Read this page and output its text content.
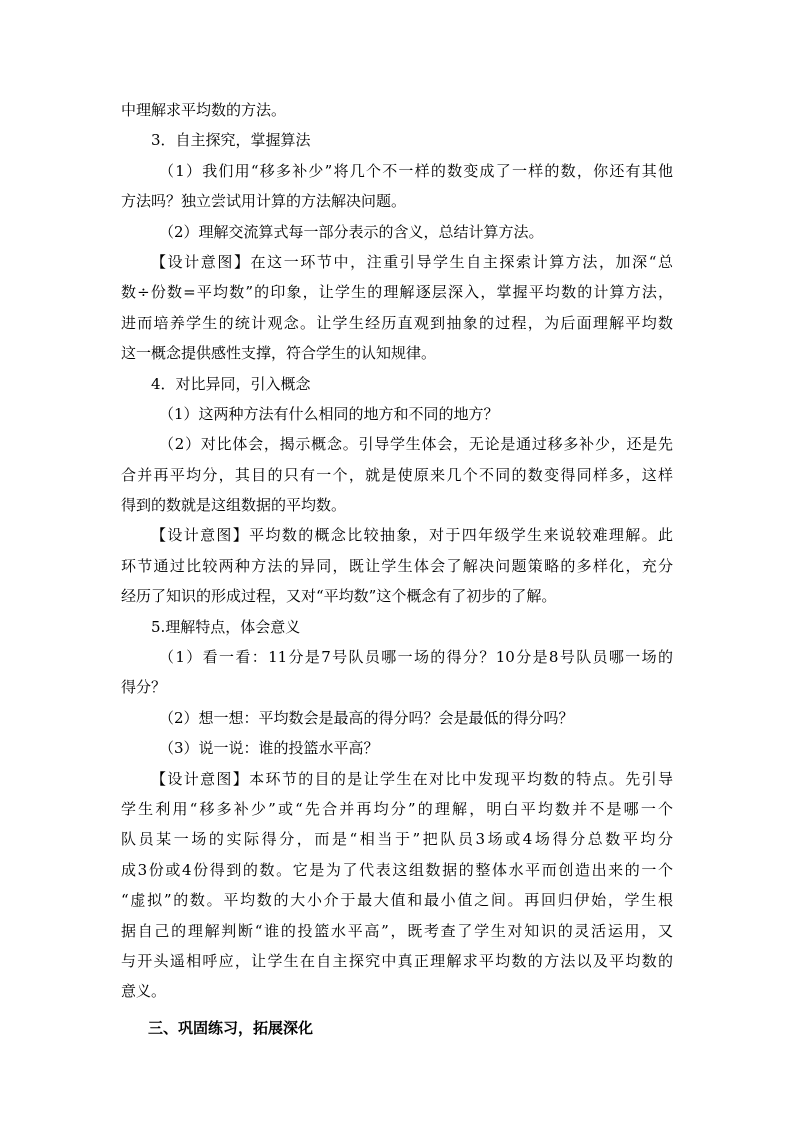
中理解求平均数的方法。
3．自主探究，掌握算法
（1）我们用“移多补少”将几个不一样的数变成了一样的数，你还有其他
方法吗？独立尝试用计算的方法解决问题。
（2）理解交流算式每一部分表示的含义，总结计算方法。
【设计意图】在这一环节中，注重引导学生自主探索计算方法，加深“总
数÷份数=平均数”的印象，让学生的理解逐层深入，掌握平均数的计算方法，
进而培养学生的统计观念。让学生经历直观到抽象的过程，为后面理解平均数
这一概念提供感性支撑，符合学生的认知规律。
4．对比异同，引入概念
（1）这两种方法有什么相同的地方和不同的地方？
（2）对比体会，揭示概念。引导学生体会，无论是通过移多补少，还是先
合并再平均分，其目的只有一个，就是使原来几个不同的数变得同样多，这样
得到的数就是这组数据的平均数。
【设计意图】平均数的概念比较抽象，对于四年级学生来说较难理解。此
环节通过比较两种方法的异同，既让学生体会了解决问题策略的多样化，充分
经历了知识的形成过程，又对“平均数”这个概念有了初步的了解。
5.理解特点，体会意义
（1）看一看：11分是7号队员哪一场的得分？10分是8号队员哪一场的
得分？
（2）想一想：平均数会是最高的得分吗？会是最低的得分吗？
（3）说一说：谁的投篮水平高？
【设计意图】本环节的目的是让学生在对比中发现平均数的特点。先引导
学生利用“移多补少”或“先合并再均分”的理解，明白平均数并不是哪一个
队员某一场的实际得分，而是“相当于”把队员3场或4场得分总数平均分
成3份或4份得到的数。它是为了代表这组数据的整体水平而创造出来的一个
“虚拟”的数。平均数的大小介于最大值和最小值之间。再回归伊始，学生根
据自己的理解判断“谁的投篮水平高”，既考查了学生对知识的灵活运用，又
与开头遥相呼应，让学生在自主探究中真正理解求平均数的方法以及平均数的
意义。
三、巩固练习，拓展深化
